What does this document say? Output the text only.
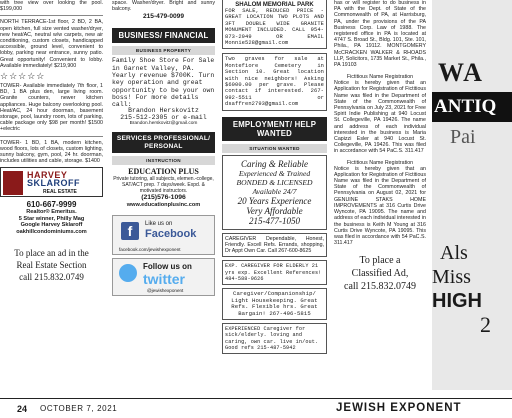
with tree view over looking the pool. $199,000

NORTH TERRACE-1st floor, 2 BD, 2 BA, open kitchen, full size vented washer/dryer, new heat/AC, neutral w/w carpets, new air conditioning, custom closets, handicapped accessible, ground level, convenient to lobby, parking near entrance, sunny patio. Great opportunity! Convenient to lobby. Available immediately! $219,900

☆☆☆☆☆

TOWER- Available immediately 7th floor, 1 BD, 1 BA plus den, large living room. Granite counters, newer kitchen appliances. Huge balcony overlooking pool. Heat/AC, 24 hour doorman, basement storage, pool, laundry room, lots of parking, cable package only $98 per month! $1500 +electric

TOWER- 1 BD, 1 BA, modern kitchen, wood floors, lots of closets, custom lighting, sunny balcony, gym, pool, 24 hr. doorman, includes utilities and cable, storage. $1400

HARVEY
SKLAROFF
REAL ESTATE
610-667-9999
Realtor® Emeritus.
5 Star winner, Philly Mag
Google Harvey Sklaroff
oakhillcondominiums.com
To place an ad in the
Real Estate Section
call 215.832.0749

space. Washer/dryer. Bright and sunny balcony.

215-479-0099
BUSINESS/ FINANCIAL
BUSINESS PROPERTY

Family Shoe Store For Sale in Garnet Valley, PA. Yearly revenue $700K. Turn key operation and great opportunity to be your own boss! For more details call:

Brandon Herskovitz
215-512-2305 or e-mail
Brandon.herskovitz@gmail.com
SERVICES PROFESSIONAL/ PERSONAL
INSTRUCTION
EDUCATION PLUS
Private tutoring, all subjects, elemen.-college, SAT/ACT prep. 7 days/week. Expd. & motivated instructors.
(215)576-1096
www.educationplusinc.com
f	Like us on
Facebook
facebook.com/jewishexponent
Follow us on
twitter
@jewishexponent
SHALOM MEMORIAL PARK

FOR SALE, REDUCED PRICE - GREAT LOCATION TWO PLOTS AND 3FT DOUBLE WIDE GRANITE MONUMENT INCLUDED. CALL 954-873-2949 OR EMAIL Monnie528@gmail.com

Two graves for sale at Montefiore Cemetery in Section 10. Great location with nice neighbors! Asking $6000.00 per grave. Please contact if interested. 267-992-5511 or dsaffren2793@gmail.com

EMPLOYMENT/ HELP WANTED
SITUATION WANTED
Caring & Reliable
Experienced & Trained
BONDED & LICENSED
Available 24/7
20 Years Experience
Very Affordable
215-477-1050

CAREGIVER Dependable, Honest, Friendly. Excell Refs. Errands, shopping, Dr Appt Own Car. Call 267-600-8625

EXP. CAREGIVER FOR ELDERLY 21 yrs exp. Excellent References! 484-588-9626

Caregiver/Companionship/ Light Housekeeping. Great Refs. Flexible hrs. Great Bargain! 267-496-5815

EXPERIENCED Caregiver for sick/elderly. loving and caring, own car. live in/out. Good refs 215-487-5942

has or will register to do business in PA with the Dept. of State of the Commonwealth of PA, at Harrisburg, PA, under the provisions of the PA Business Corp. Law of 1988. The registered office in PA is located at 4747 S. Broad St., Bldg. 101, Ste. 101, Phila., PA 19112. MONTGOMERY McCRACKEN WALKER & RHOADS LLP, Solicitors, 1735 Market St., Phila., PA 19103

Fictitious Name Registration

Notice is hereby given that an Application for Registration of Fictitious Name was filed in the Department of State of the Commonwealth of Pennsylvania on July 23, 2021 for Free Spirit Indie Publishing at 940 Locust St. Collegeville, PA 19426. The name and address of each individual interested in the business is Maria Capizzi Esler at 940 Locust St. Collegeville, PA 19426. This was filed in accordance with 54 PaC.S. 311.417

Fictitious Name Registration

Notice is hereby given that an Application for Registration of Fictitious Name was filed in the Department of State of the Commonwealth of Pennsylvania on August 02, 2021 for GENUINE STAKS HOME IMPROVEMENTS at 316 Curtis Drive Wyncote, PA 19095. The name and address of each individual interested in the business is Keith M Young at 316 Curtis Drive Wyncote, PA 19095. This was filed in accordance with 54 PaC.S. 311.417

To place a
Classified Ad,
call 215.832.0749
WA
ANTIQ
Pai
Als
Miss
HIGH
2
24 OCTOBER 7, 2021	JEWISH EXPONENT
